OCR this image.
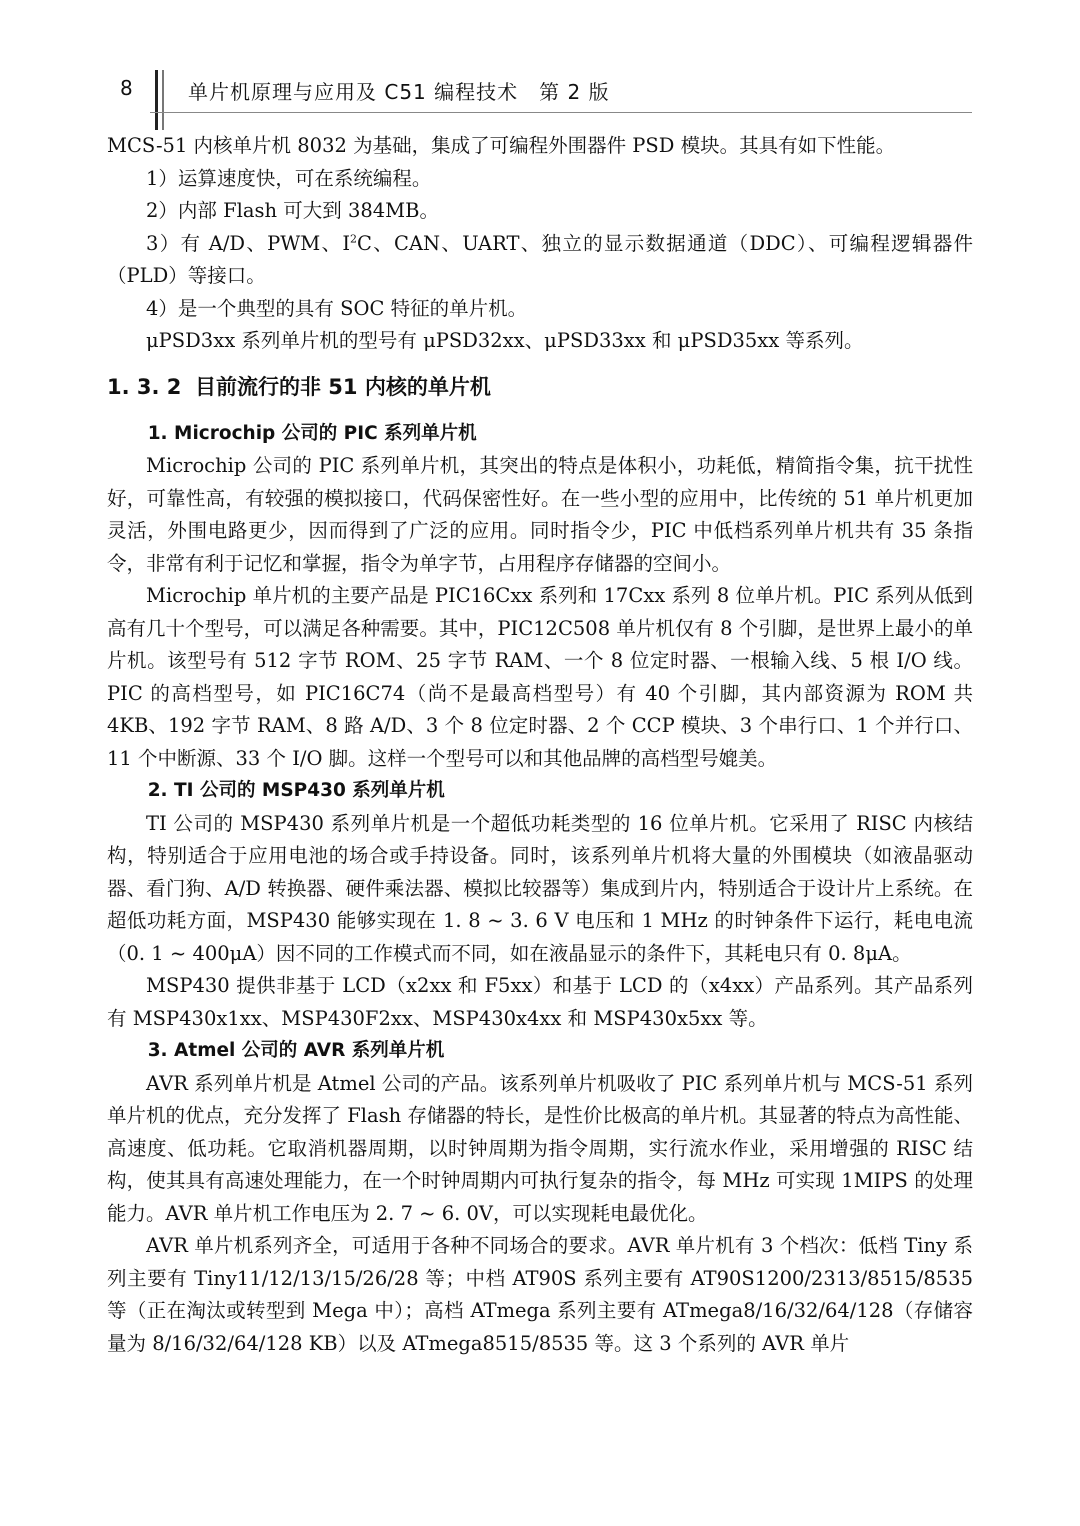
8	单片机原理与应用及 C51 编程技术　第 2 版

MCS-51 内核单片机 8032 为基础，集成了可编程外围器件 PSD 模块。其具有如下性能。

1）运算速度快，可在系统编程。

2）内部 Flash 可大到 384MB。

3）有 A/D、PWM、$I^2C$、CAN、UART、独立的显示数据通道（DDC）、可编程逻辑器件（PLD）等接口。

4）是一个典型的具有 SOC 特征的单片机。

μPSD3xx 系列单片机的型号有 μPSD32xx、μPSD33xx 和 μPSD35xx 等系列。

1. 3. 2 目前流行的非 51 内核的单片机
1. Microchip 公司的 PIC 系列单片机

Microchip 公司的 PIC 系列单片机，其突出的特点是体积小，功耗低，精简指令集，抗干扰性好，可靠性高，有较强的模拟接口，代码保密性好。在一些小型的应用中，比传统的 51 单片机更加灵活，外围电路更少，因而得到了广泛的应用。同时指令少，PIC 中低档系列单片机共有 35 条指令，非常有利于记忆和掌握，指令为单字节，占用程序存储器的空间小。

Microchip 单片机的主要产品是 PIC16Cxx 系列和 17Cxx 系列 8 位单片机。PIC 系列从低到高有几十个型号，可以满足各种需要。其中，PIC12C508 单片机仅有 8 个引脚，是世界上最小的单片机。该型号有 512 字节 ROM、25 字节 RAM、一个 8 位定时器、一根输入线、5 根 I/O 线。PIC 的高档型号，如 PIC16C74（尚不是最高档型号）有 40 个引脚，其内部资源为 ROM 共 4KB、192 字节 RAM、8 路 A/D、3 个 8 位定时器、2 个 CCP 模块、3 个串行口、1 个并行口、11 个中断源、33 个 I/O 脚。这样一个型号可以和其他品牌的高档型号媲美。

2. TI 公司的 MSP430 系列单片机

TI 公司的 MSP430 系列单片机是一个超低功耗类型的 16 位单片机。它采用了 RISC 内核结构，特别适合于应用电池的场合或手持设备。同时，该系列单片机将大量的外围模块（如液晶驱动器、看门狗、A/D 转换器、硬件乘法器、模拟比较器等）集成到片内，特别适合于设计片上系统。在超低功耗方面，MSP430 能够实现在 1. 8 ~ 3. 6 V 电压和 1 MHz 的时钟条件下运行，耗电电流（0. 1 ~ 400μA）因不同的工作模式而不同，如在液晶显示的条件下，其耗电只有 0. 8μA。

MSP430 提供非基于 LCD（x2xx 和 F5xx）和基于 LCD 的（x4xx）产品系列。其产品系列有 MSP430x1xx、MSP430F2xx、MSP430x4xx 和 MSP430x5xx 等。

3. Atmel 公司的 AVR 系列单片机

AVR 系列单片机是 Atmel 公司的产品。该系列单片机吸收了 PIC 系列单片机与 MCS-51 系列单片机的优点，充分发挥了 Flash 存储器的特长，是性价比极高的单片机。其显著的特点为高性能、高速度、低功耗。它取消机器周期，以时钟周期为指令周期，实行流水作业，采用增强的 RISC 结构，使其具有高速处理能力，在一个时钟周期内可执行复杂的指令，每 MHz 可实现 1MIPS 的处理能力。AVR 单片机工作电压为 2. 7 ~ 6. 0V，可以实现耗电最优化。

AVR 单片机系列齐全，可适用于各种不同场合的要求。AVR 单片机有 3 个档次：低档 Tiny 系列主要有 Tiny11/12/13/15/26/28 等；中档 AT90S 系列主要有 AT90S1200/2313/8515/8535 等（正在淘汰或转型到 Mega 中）；高档 ATmega 系列主要有 ATmega8/16/32/64/128（存储容量为 8/16/32/64/128 KB）以及 ATmega8515/8535 等。这 3 个系列的 AVR 单片
